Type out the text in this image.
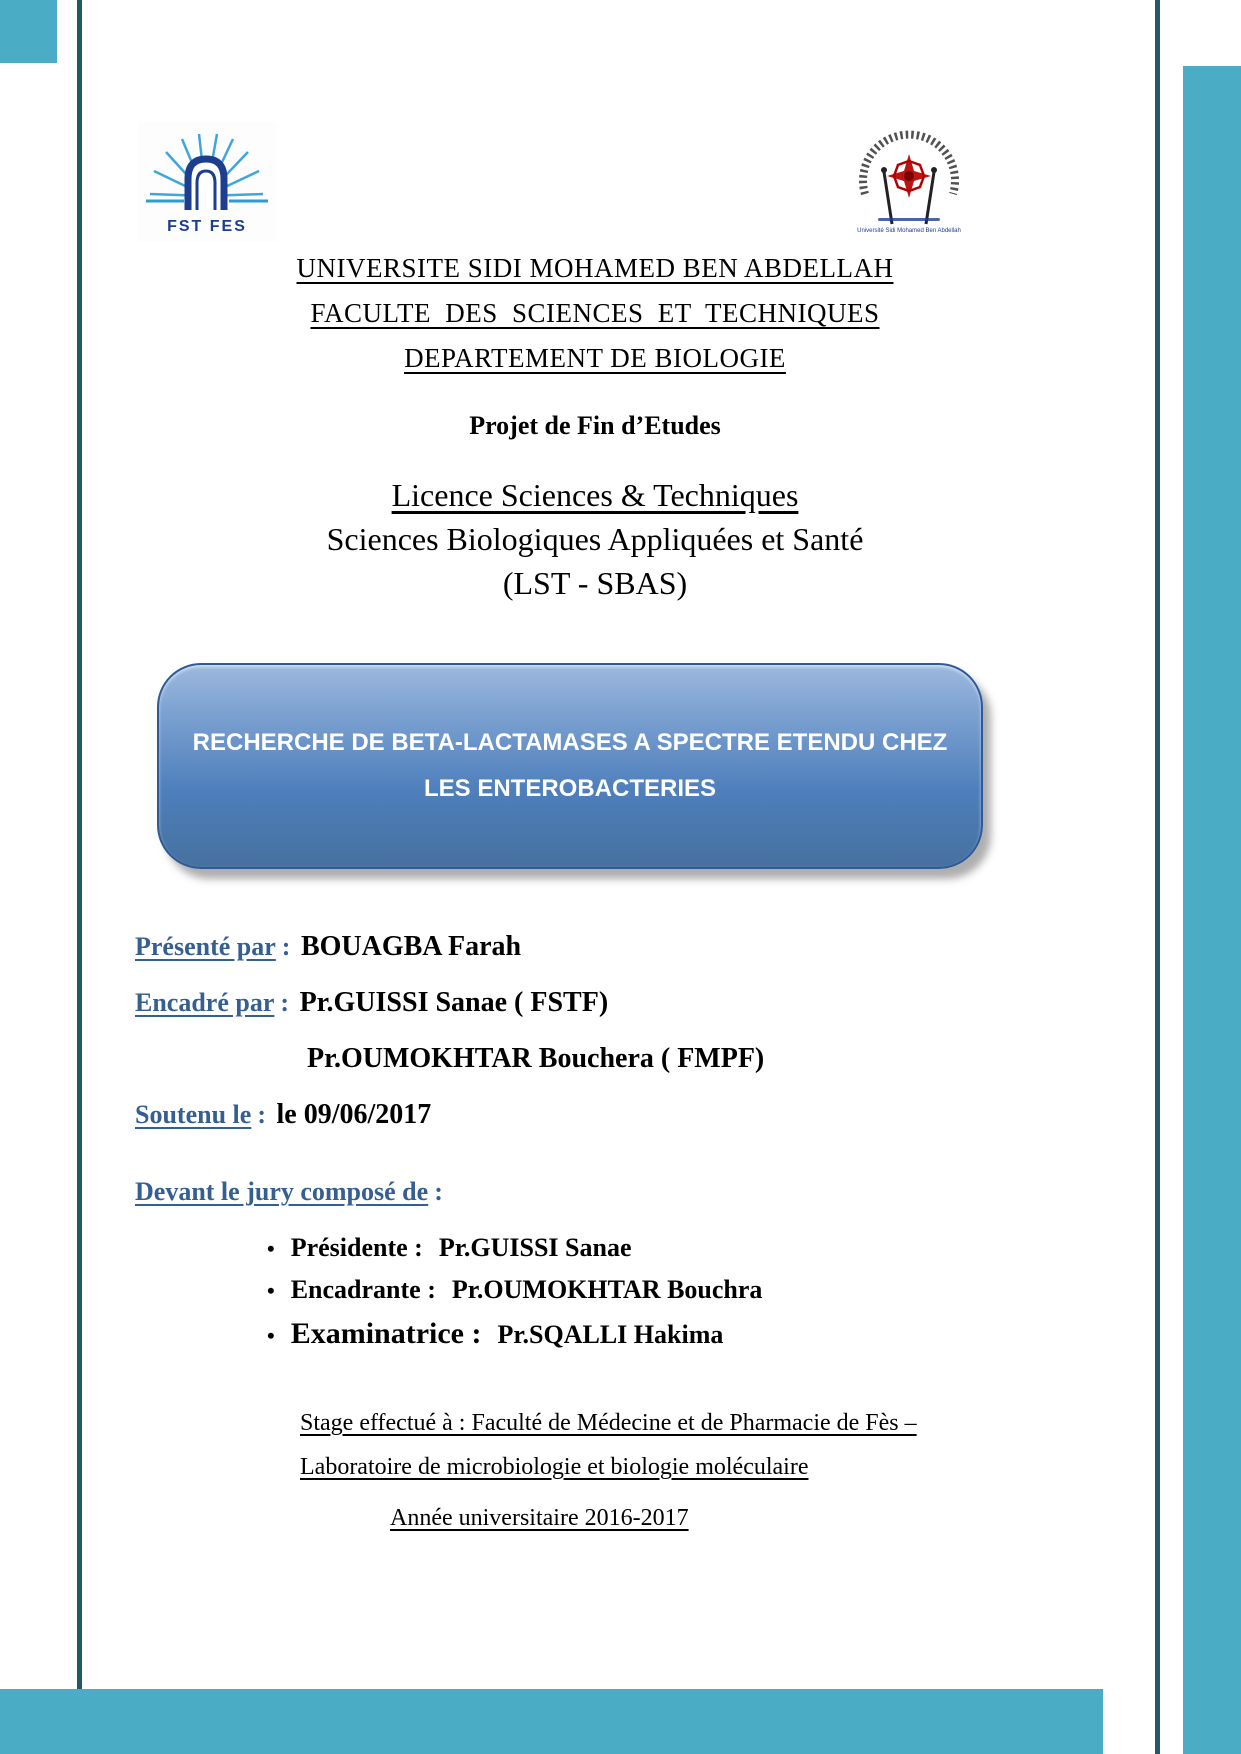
FST FES	Université Sidi Mohamed Ben Abdellah
UNIVERSITE SIDI MOHAMED BEN ABDELLAH
FACULTE DES SCIENCES ET TECHNIQUES
DEPARTEMENT DE BIOLOGIE
Projet de Fin d’Etudes
Licence Sciences & Techniques
Sciences Biologiques Appliquées et Santé
(LST - SBAS)
RECHERCHE DE BETA-LACTAMASES A SPECTRE ETENDU CHEZ
LES ENTEROBACTERIES
Présenté par : BOUAGBA Farah
Encadré par : Pr.GUISSI Sanae ( FSTF)
Pr.OUMOKHTAR Bouchera ( FMPF)
Soutenu le : le 09/06/2017
Devant le jury composé de :
• Présidente : Pr.GUISSI Sanae
• Encadrante : Pr.OUMOKHTAR Bouchra
• Examinatrice : Pr.SQALLI Hakima
Stage effectué à : Faculté de Médecine et de Pharmacie de Fès –
Laboratoire de microbiologie et biologie moléculaire
Année universitaire 2016-2017
